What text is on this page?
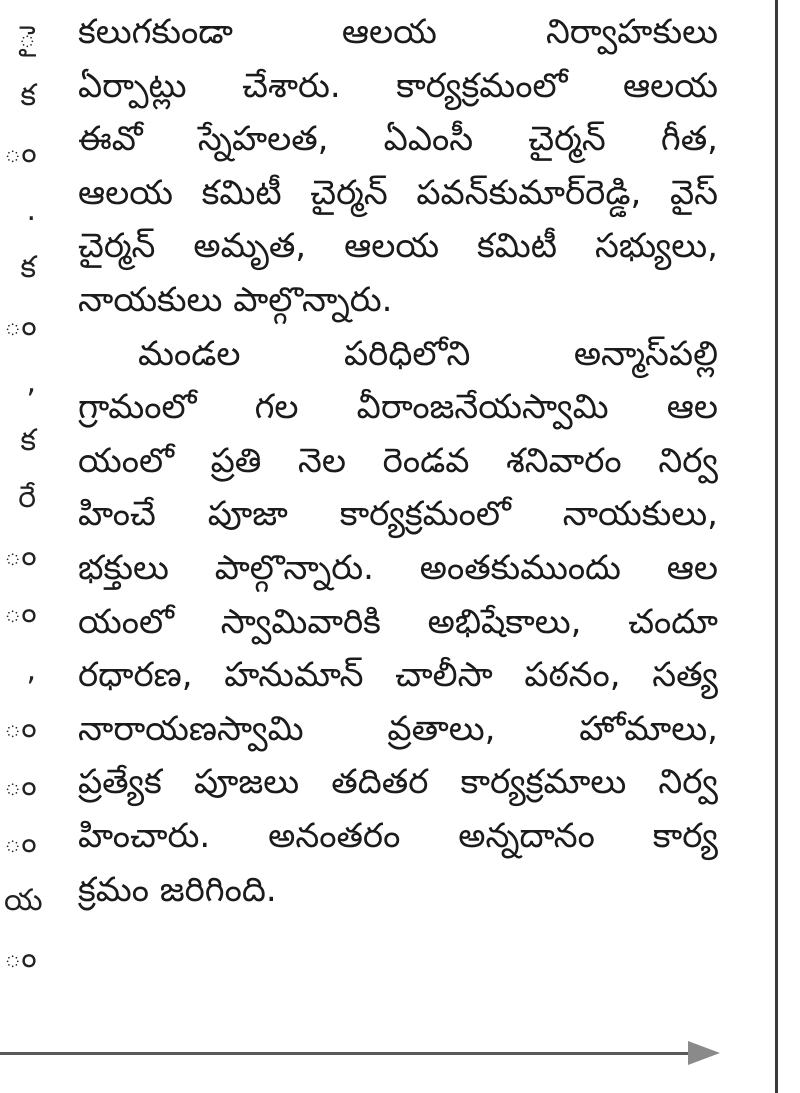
ై
క
ం
.
క
ం
,
క
రే
ం
ం
,
ం
ం
ం
య
ం
కలుగకుండా	ఆలయ	నిర్వాహకులు
ఏర్పాట్లు చేశారు. కార్యక్రమంలో ఆలయ
ఈవో స్నేహలత, ఏఎంసీ చైర్మన్ గీత,
ఆలయ కమిటీ చైర్మన్ పవన్‌కుమార్‌రెడ్డి, వైస్
చైర్మన్ అమృత, ఆలయ కమిటీ సభ్యులు,
నాయకులు పాల్గొన్నారు.
మండల	పరిధిలోని	అన్మాస్‌పల్లి
గ్రామంలో గల వీరాంజనేయస్వామి ఆల
యంలో ప్రతి నెల రెండవ శనివారం నిర్వ
హించే పూజా కార్యక్రమంలో నాయకులు,
భక్తులు పాల్గొన్నారు. అంతకుముందు ఆల
యంలో స్వామివారికి అభిషేకాలు, చందూ
రధారణ, హనుమాన్ చాలీసా పఠనం, సత్య
నారాయణస్వామి వ్రతాలు, హోమాలు,
ప్రత్యేక పూజలు తదితర కార్యక్రమాలు నిర్వ
హించారు. అనంతరం అన్నదానం కార్య
క్రమం జరిగింది.
